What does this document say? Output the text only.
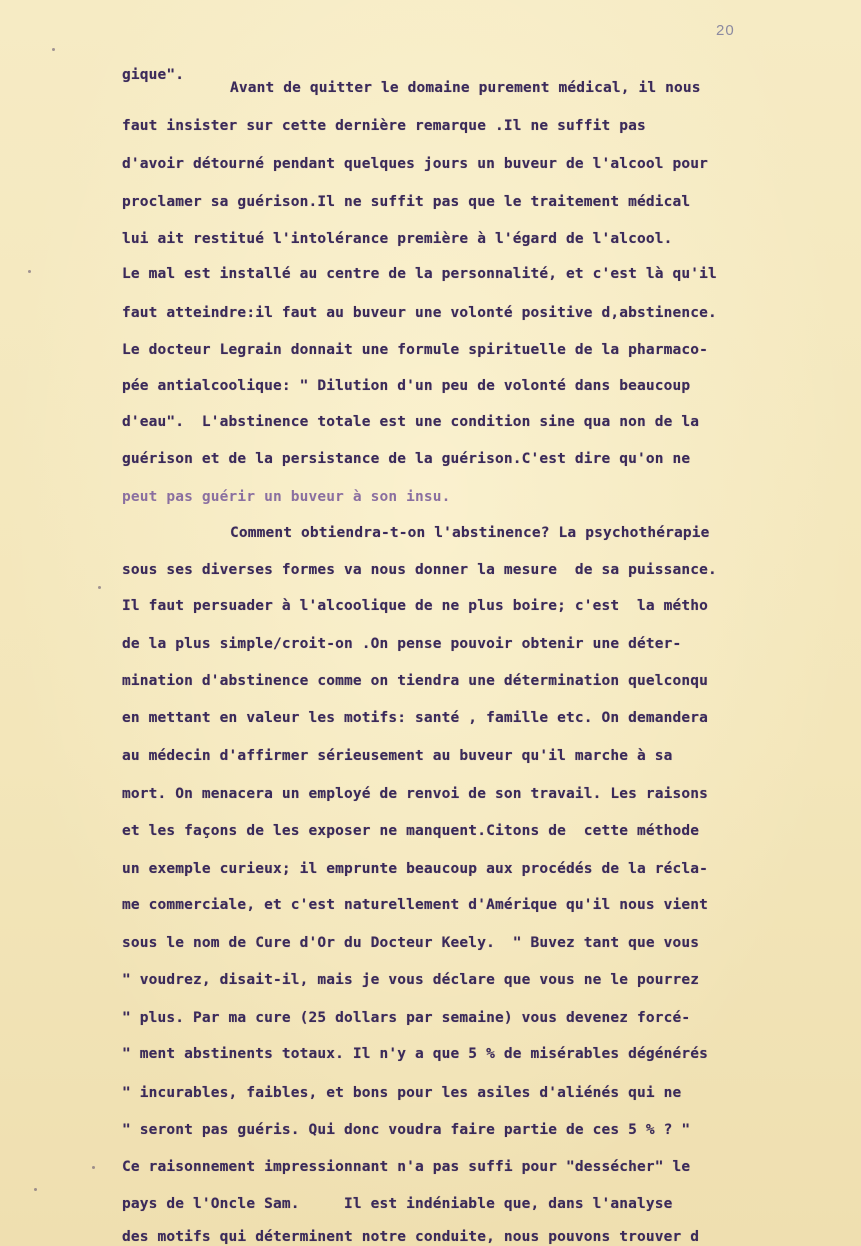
20
gique".
Avant de quitter le domaine purement médical, il nous
faut insister sur cette dernière remarque .Il ne suffit pas
d'avoir détourné pendant quelques jours un buveur de l'alcool pour
proclamer sa guérison.Il ne suffit pas que le traitement médical
lui ait restitué l'intolérance première à l'égard de l'alcool.
Le mal est installé au centre de la personnalité, et c'est là qu'il
faut atteindre:il faut au buveur une volonté positive d,abstinence.
Le docteur Legrain donnait une formule spirituelle de la pharmaco-
pée antialcoolique: " Dilution d'un peu de volonté dans beaucoup
d'eau".  L'abstinence totale est une condition sine qua non de la
guérison et de la persistance de la guérison.C'est dire qu'on ne
peut pas guérir un buveur à son insu.
Comment obtiendra-t-on l'abstinence? La psychothérapie
sous ses diverses formes va nous donner la mesure  de sa puissance.
Il faut persuader à l'alcoolique de ne plus boire; c'est  la métho
de la plus simple/croit-on .On pense pouvoir obtenir une déter-
mination d'abstinence comme on tiendra une détermination quelconqu
en mettant en valeur les motifs: santé , famille etc. On demandera
au médecin d'affirmer sérieusement au buveur qu'il marche à sa
mort. On menacera un employé de renvoi de son travail. Les raisons
et les façons de les exposer ne manquent.Citons de  cette méthode
un exemple curieux; il emprunte beaucoup aux procédés de la récla-
me commerciale, et c'est naturellement d'Amérique qu'il nous vient
sous le nom de Cure d'Or du Docteur Keely.  " Buvez tant que vous
" voudrez, disait-il, mais je vous déclare que vous ne le pourrez
" plus. Par ma cure (25 dollars par semaine) vous devenez forcé-
" ment abstinents totaux. Il n'y a que 5 % de misérables dégénérés
" incurables, faibles, et bons pour les asiles d'aliénés qui ne
" seront pas guéris. Qui donc voudra faire partie de ces 5 % ? "
Ce raisonnement impressionnant n'a pas suffi pour "dessécher" le
pays de l'Oncle Sam.     Il est indéniable que, dans l'analyse
des motifs qui déterminent notre conduite, nous pouvons trouver d
